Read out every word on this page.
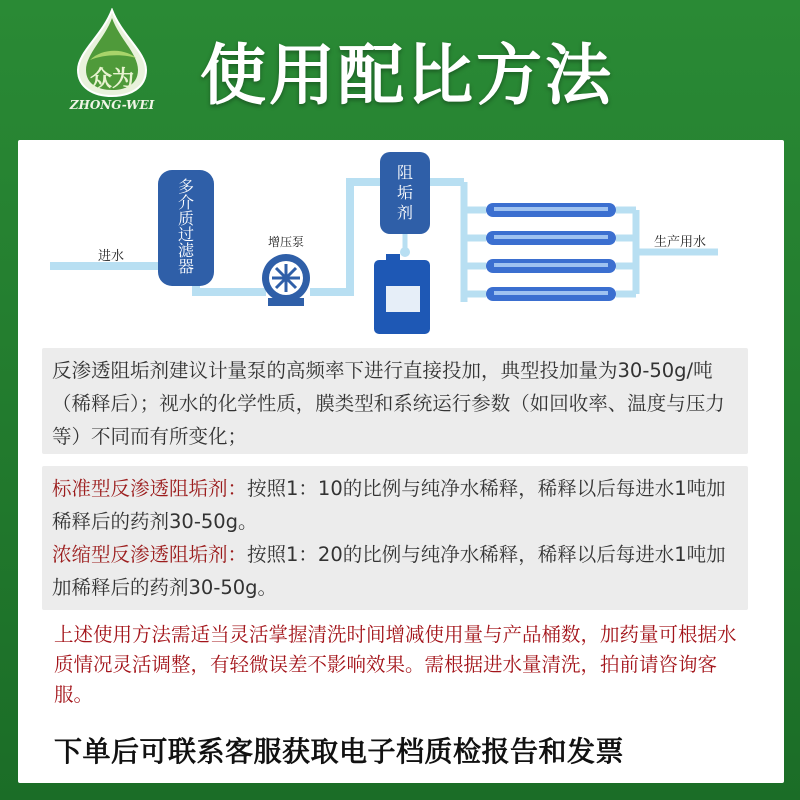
众为
ZHONG-WEI 使用配比方法
进水
多
介
质
过
滤
器
增压泵
阻
垢
剂
生产用水

反渗透阻垢剂建议计量泵的高频率下进行直接投加，典型投加量为30-50g/吨（稀释后）；视水的化学性质，膜类型和系统运行参数（如回收率、温度与压力等）不同而有所变化；

标准型反渗透阻垢剂：按照1：10的比例与纯净水稀释，稀释以后每进水1吨加稀释后的药剂30-50g。
浓缩型反渗透阻垢剂：按照1：20的比例与纯净水稀释，稀释以后每进水1吨加加稀释后的药剂30-50g。

上述使用方法需适当灵活掌握清洗时间增减使用量与产品桶数，加药量可根据水质情况灵活调整，有轻微误差不影响效果。需根据进水量清洗，拍前请咨询客服。

下单后可联系客服获取电子档质检报告和发票
